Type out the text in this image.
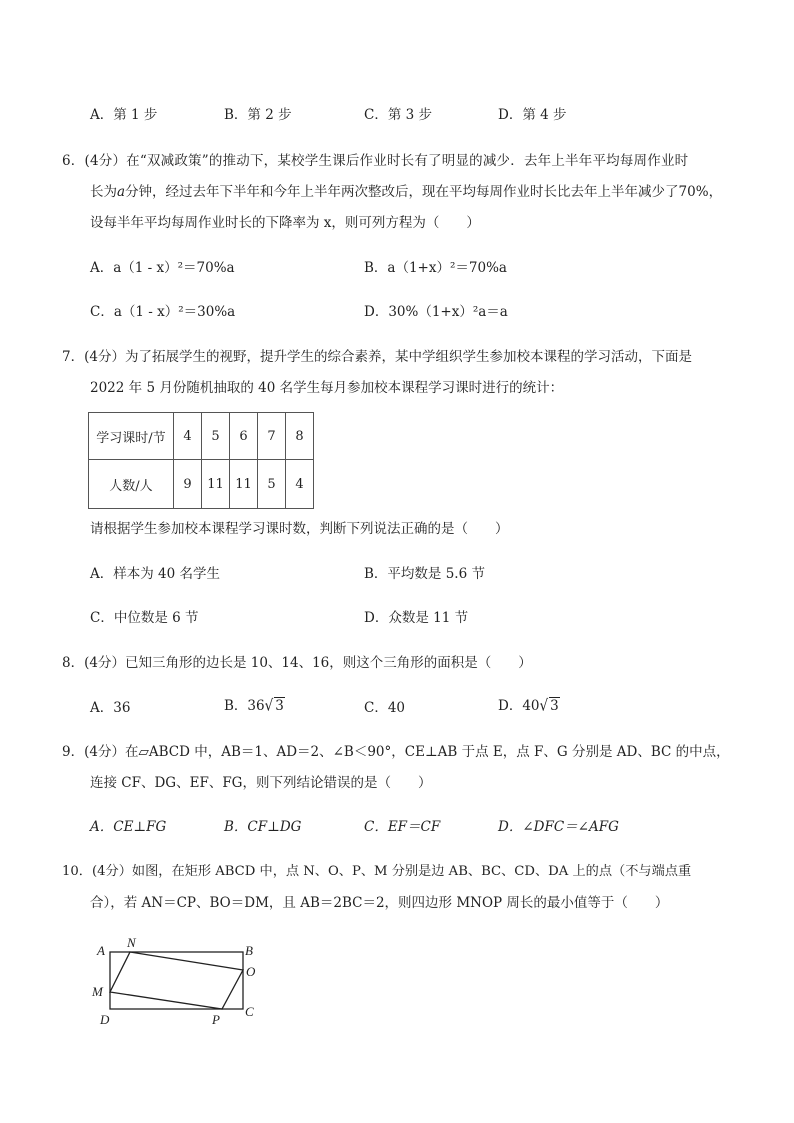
A．第 1 步	B．第 2 步	C．第 3 步	D．第 4 步
6．(4分）在“双减政策”的推动下，某校学生课后作业时长有了明显的减少．去年上半年平均每周作业时
长为a分钟，经过去年下半年和今年上半年两次整改后，现在平均每周作业时长比去年上半年减少了70%，
设每半年平均每周作业时长的下降率为 x，则可列方程为（　　）
A．a（1 - x）²＝70%a	B．a（1+x）²＝70%a
C．a（1 - x）²＝30%a	D．30%（1+x）²a＝a
7．(4分）为了拓展学生的视野，提升学生的综合素养，某中学组织学生参加校本课程的学习活动，下面是
2022 年 5 月份随机抽取的 40 名学生每月参加校本课程学习课时进行的统计：
学习课时/节	4	5	6	7	8
人数/人	9	11	11	5	4
请根据学生参加校本课程学习课时数，判断下列说法正确的是（　　）
A．样本为 40 名学生	B．平均数是 5.6 节
C．中位数是 6 节	D．众数是 11 节
8．(4分）已知三角形的边长是 10、14、16，则这个三角形的面积是（　　）
A．36	B．36√ 3	C．40	D．40√ 3
9．(4分）在▱ABCD 中，AB＝1、AD＝2、∠B＜90°，CE⊥AB 于点 E，点 F、G 分别是 AD、BC 的中点，
连接 CF、DG、EF、FG，则下列结论错误的是（　　）
A．CE⊥FG	B．CF⊥DG	C．EF＝CF	D．∠DFC＝∠AFG
10．(4分）如图，在矩形 ABCD 中，点 N、O、P、M 分别是边 AB、BC、CD、DA 上的点（不与端点重
合），若 AN＝CP、BO＝DM，且 AB＝2BC＝2，则四边形 MNOP 周长的最小值等于（　　）
A
N
B
O
M
D	P
C
